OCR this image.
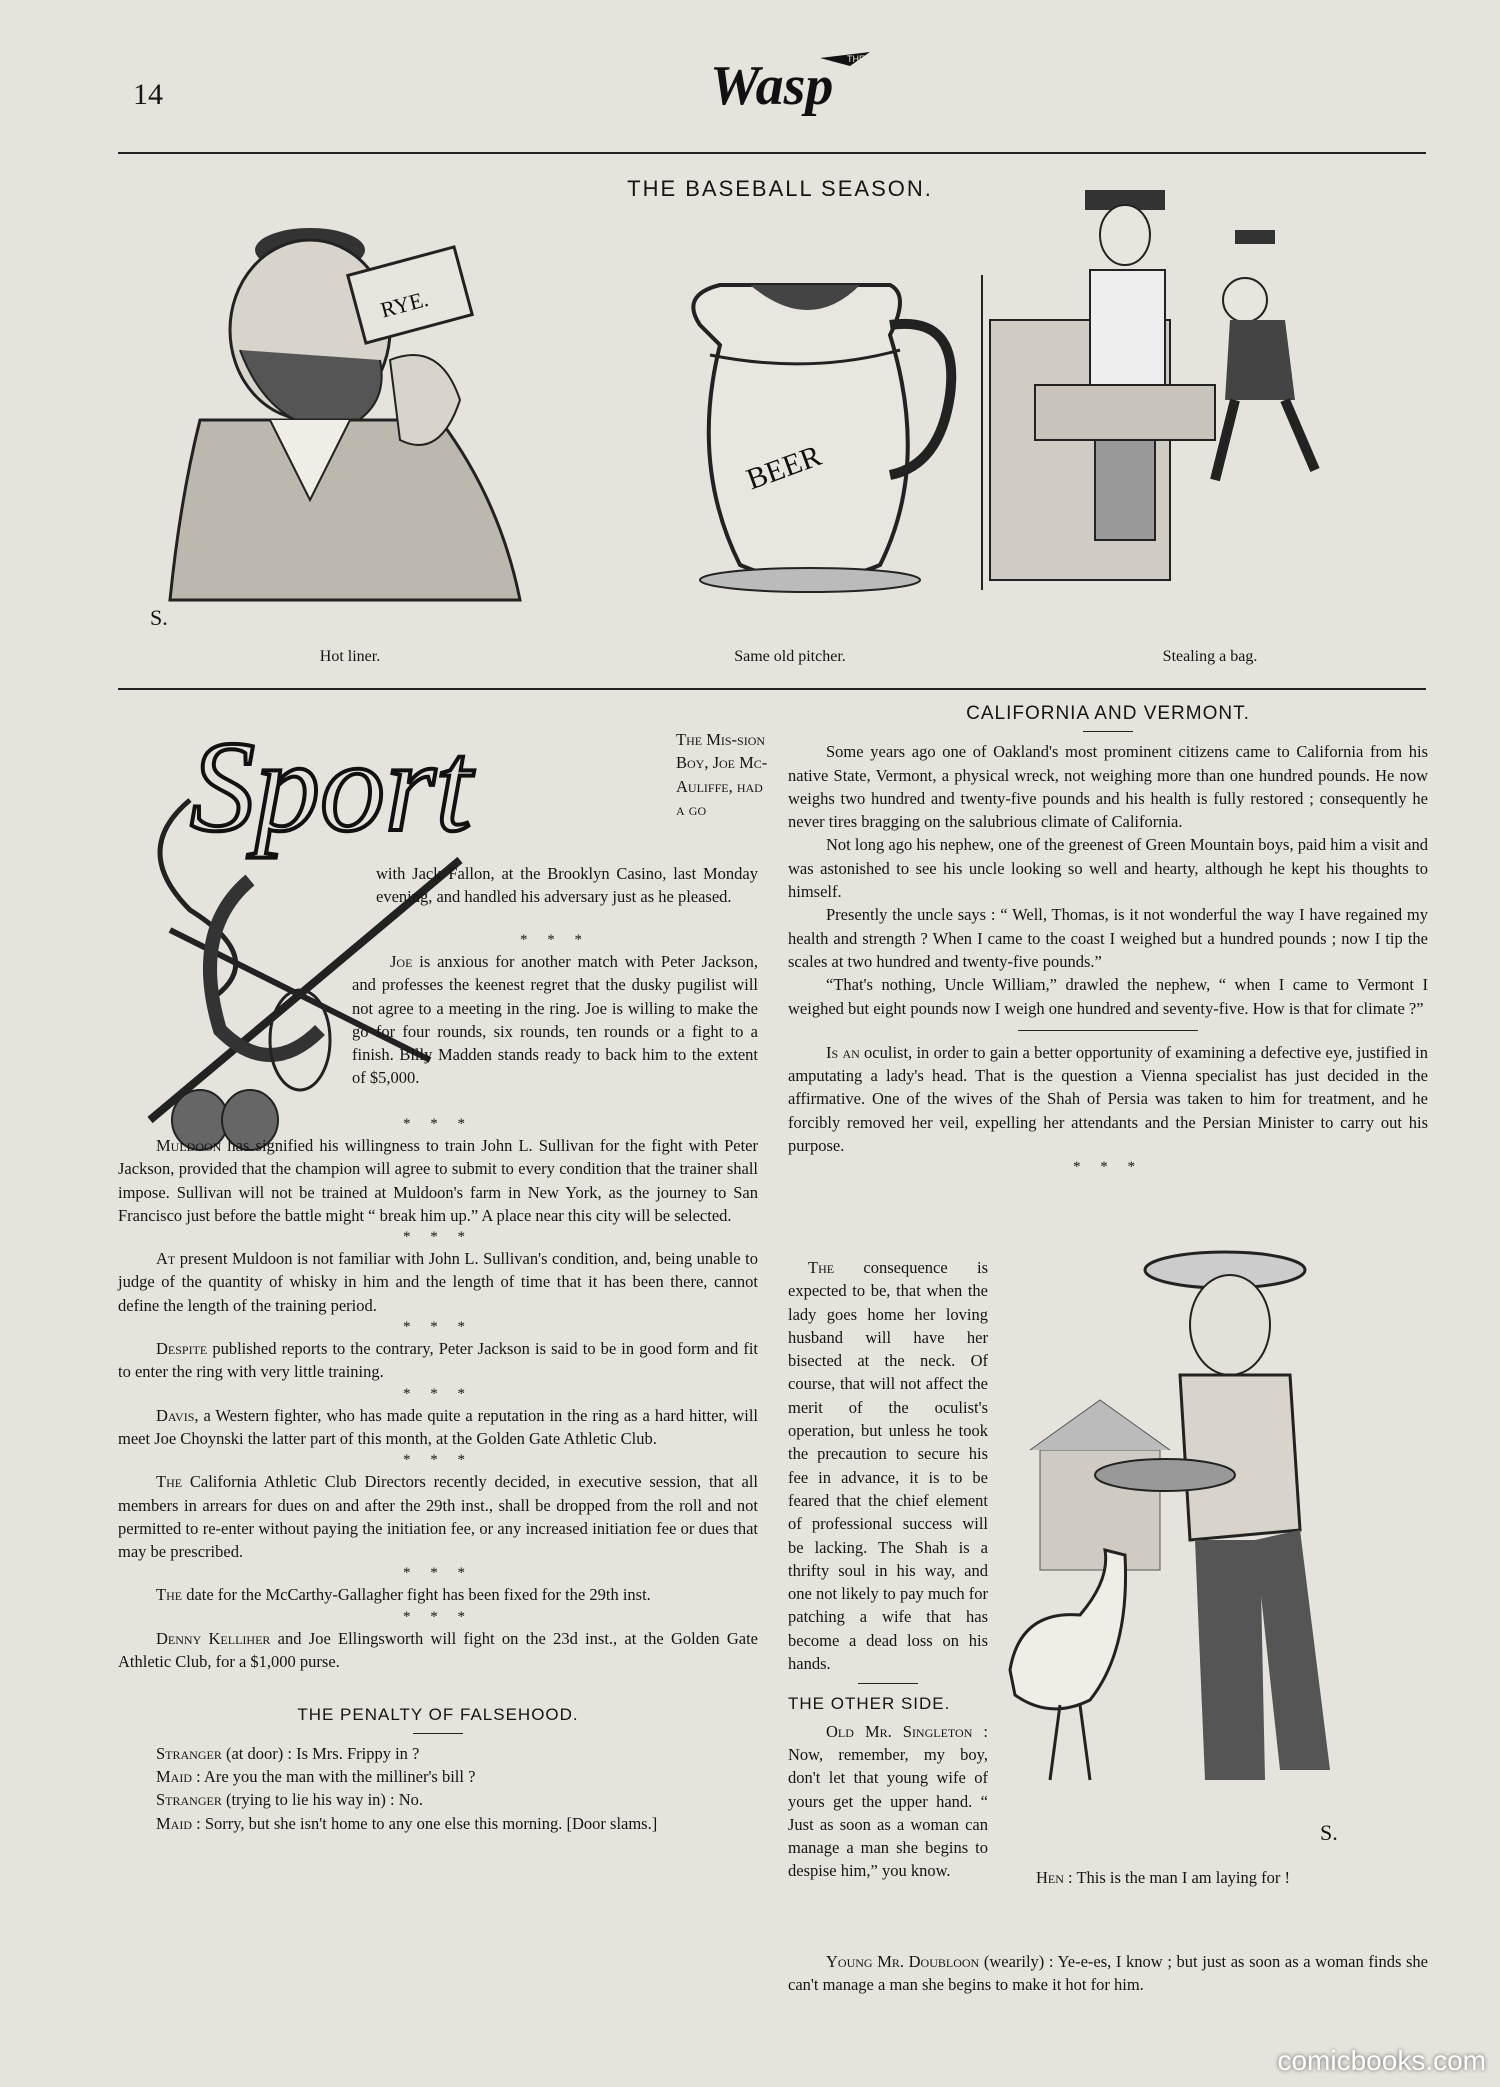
14
THE
Wasp
THE BASEBALL SEASON.
RYE.
S.
BEER
Hot liner.	Same old pitcher.	Stealing a bag.
Sport	The Mis-sion Boy, Joe Mc-Auliffe, had a go

with Jack Fallon, at the Brooklyn Casino, last Monday evening, and handled his adversary just as he pleased.

* * *

Joe is anxious for another match with Peter Jackson, and professes the keenest regret that the dusky pugilist will not agree to a meeting in the ring. Joe is willing to make the go for four rounds, six rounds, ten rounds or a fight to a finish. Billy Madden stands ready to back him to the extent of $5,000.

* * *

Muldoon has signified his willingness to train John L. Sullivan for the fight with Peter Jackson, provided that the champion will agree to submit to every condition that the trainer shall impose. Sullivan will not be trained at Muldoon's farm in New York, as the journey to San Francisco just before the battle might “ break him up.” A place near this city will be selected.

* * *

At present Muldoon is not familiar with John L. Sullivan's condition, and, being unable to judge of the quantity of whisky in him and the length of time that it has been there, cannot define the length of the training period.

* * *

Despite published reports to the contrary, Peter Jackson is said to be in good form and fit to enter the ring with very little training.

* * *

Davis, a Western fighter, who has made quite a reputation in the ring as a hard hitter, will meet Joe Choynski the latter part of this month, at the Golden Gate Athletic Club.

* * *

The California Athletic Club Directors recently decided, in executive session, that all members in arrears for dues on and after the 29th inst., shall be dropped from the roll and not permitted to re-enter without paying the initiation fee, or any increased initiation fee or dues that may be prescribed.

* * *

The date for the McCarthy-Gallagher fight has been fixed for the 29th inst.

* * *

Denny Kelliher and Joe Ellingsworth will fight on the 23d inst., at the Golden Gate Athletic Club, for a $1,000 purse.

THE PENALTY OF FALSEHOOD.

Stranger (at door) : Is Mrs. Frippy in ?

Maid : Are you the man with the milliner's bill ?

Stranger (trying to lie his way in) : No.

Maid : Sorry, but she isn't home to any one else this morning. [Door slams.]

CALIFORNIA AND VERMONT.

Some years ago one of Oakland's most prominent citizens came to California from his native State, Vermont, a physical wreck, not weighing more than one hundred pounds. He now weighs two hundred and twenty-five pounds and his health is fully restored ; consequently he never tires bragging on the salubrious climate of California.

Not long ago his nephew, one of the greenest of Green Mountain boys, paid him a visit and was astonished to see his uncle looking so well and hearty, although he kept his thoughts to himself.

Presently the uncle says : “ Well, Thomas, is it not wonderful the way I have regained my health and strength ? When I came to the coast I weighed but a hundred pounds ; now I tip the scales at two hundred and twenty-five pounds.”

“That's nothing, Uncle William,” drawled the nephew, “ when I came to Vermont I weighed but eight pounds now I weigh one hundred and seventy-five. How is that for climate ?”

Is an oculist, in order to gain a better opportunity of examining a defective eye, justified in amputating a lady's head. That is the question a Vienna specialist has just decided in the affirmative. One of the wives of the Shah of Persia was taken to him for treatment, and he forcibly removed her veil, expelling her attendants and the Persian Minister to carry out his purpose.

* * *

The consequence is expected to be, that when the lady goes home her loving husband will have her bisected at the neck. Of course, that will not affect the merit of the oculist's operation, but unless he took the precaution to secure his fee in advance, it is to be feared that the chief element of professional success will be lacking. The Shah is a thrifty soul in his way, and one not likely to pay much for patching a wife that has become a dead loss on his hands.

THE OTHER SIDE.

Old Mr. Singleton : Now, remember, my boy, don't let that young wife of yours get the upper hand. “ Just as soon as a woman can manage a man she begins to despise him,” you know.

S.

Hen : This is the man I am laying for !

Young Mr. Doubloon (wearily) : Ye-e-es, I know ; but just as soon as a woman finds she can't manage a man she begins to make it hot for him.

comicbooks.com
